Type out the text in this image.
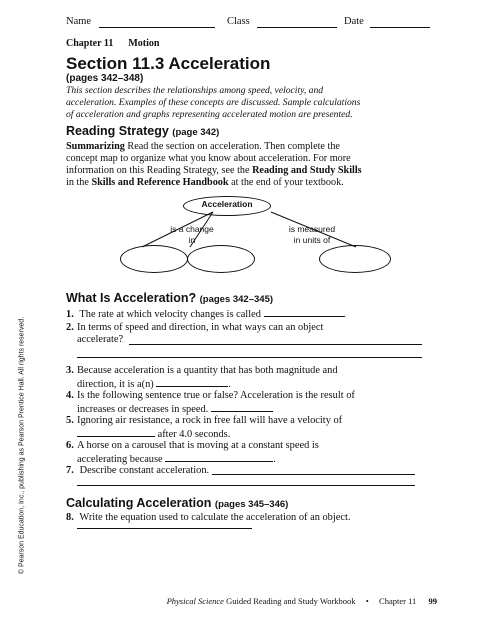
Name	Class	Date
Chapter 11 Motion
Section 11.3 Acceleration
(pages 342–348)
This section describes the relationships among speed, velocity, and acceleration. Examples of these concepts are discussed. Sample calculations of acceleration and graphs representing accelerated motion are presented.
Reading Strategy (page 342)
Summarizing Read the section on acceleration. Then complete the concept map to organize what you know about acceleration. For more information on this Reading Strategy, see the Reading and Study Skills in the Skills and Reference Handbook at the end of your textbook.
Acceleration
is a change
in
is measured
in units of
What Is Acceleration? (pages 342–345)
1. The rate at which velocity changes is called	.
2. In terms of speed and direction, in what ways can an object
accelerate?
3. Because acceleration is a quantity that has both magnitude and
direction, it is a(n)	.
4. Is the following sentence true or false? Acceleration is the result of
increases or decreases in speed.
5. Ignoring air resistance, a rock in free fall will have a velocity of
after 4.0 seconds.
6. A horse on a carousel that is moving at a constant speed is
accelerating because	.
7. Describe constant acceleration.
Calculating Acceleration (pages 345–346)
8. Write the equation used to calculate the acceleration of an object.
© Pearson Education, Inc., publishing as Pearson Prentice Hall. All rights reserved.
Physical Science Guided Reading and Study Workbook • Chapter 11 99
